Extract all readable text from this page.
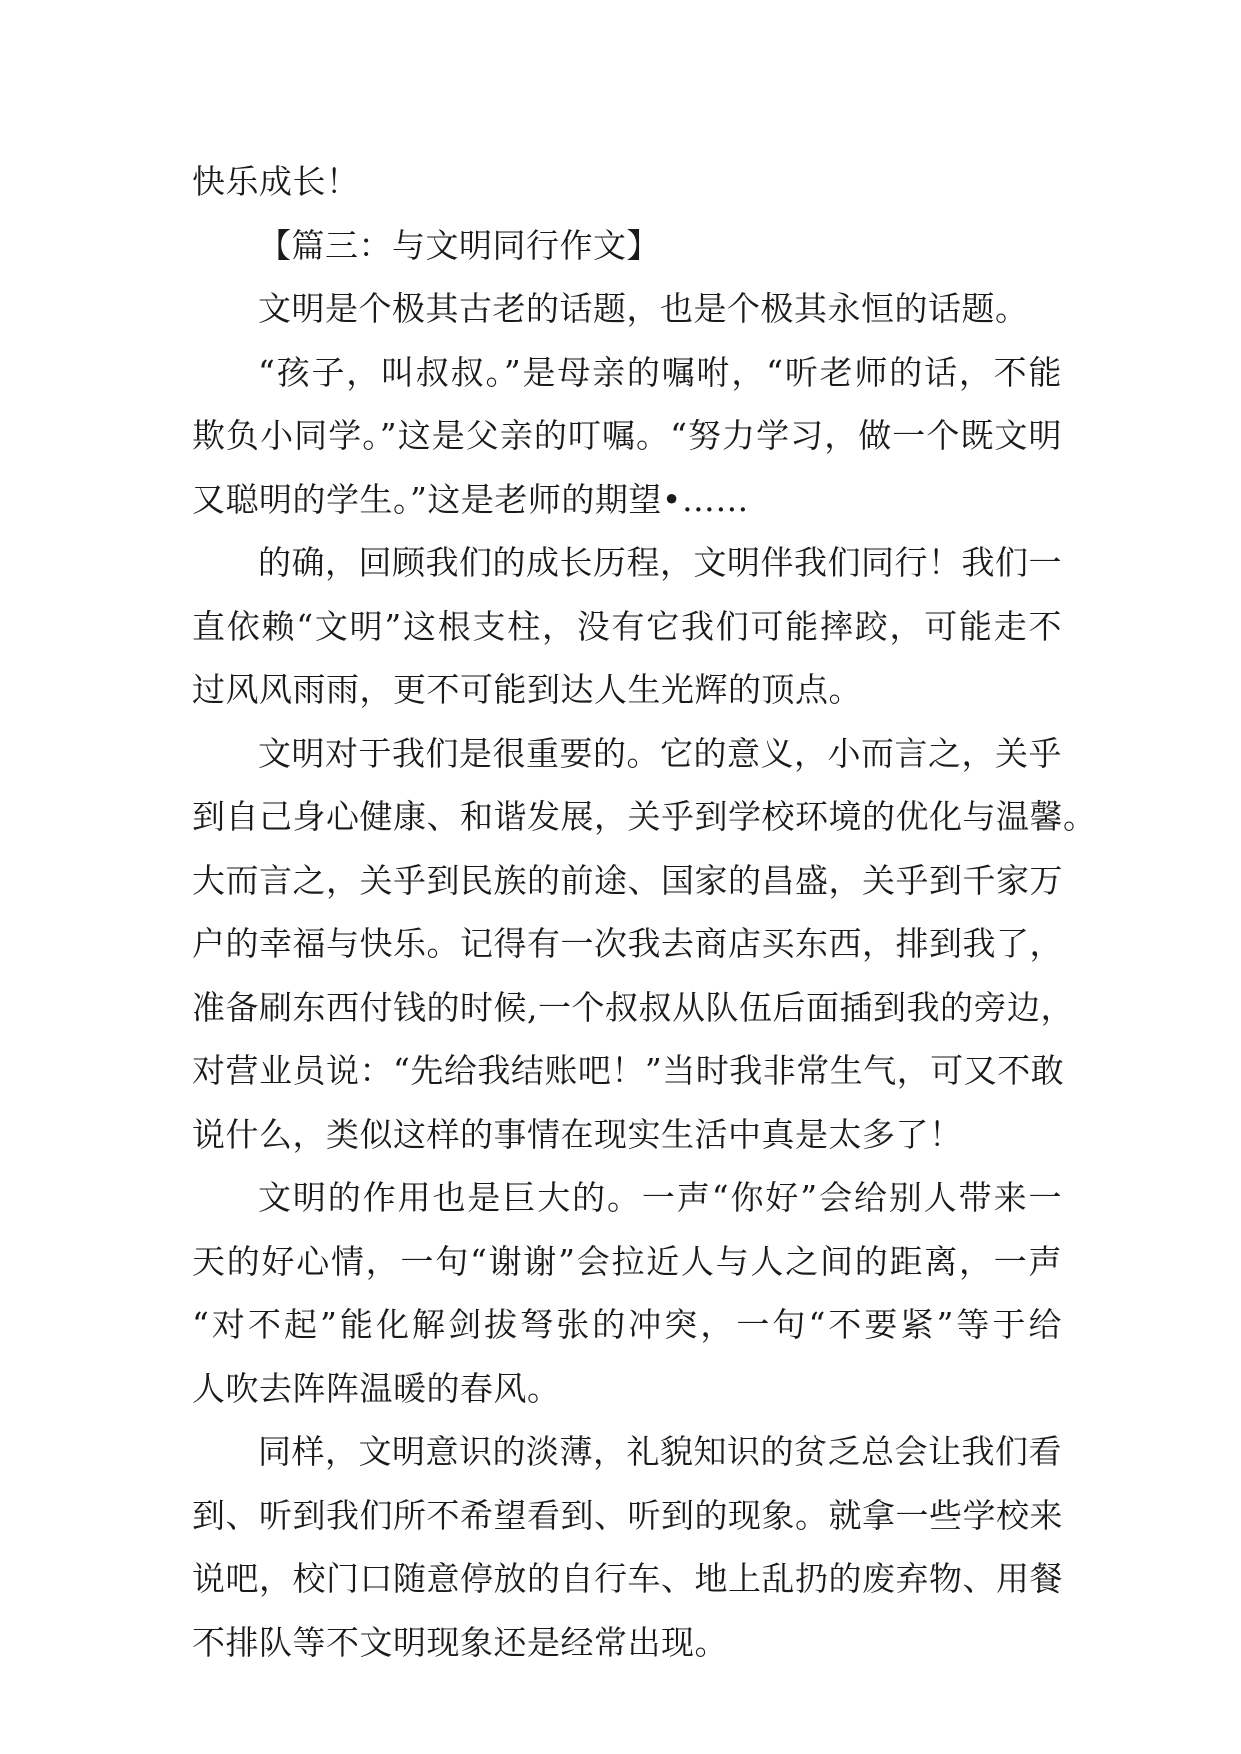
快乐成长！

【篇三：与文明同行作文】

文明是个极其古老的话题，也是个极其永恒的话题。

“孩子，叫叔叔。”是母亲的嘱咐，“听老师的话，不能
欺负小同学。”这是父亲的叮嘱。“努力学习，做一个既文明
又聪明的学生。”这是老师的期望•……

的确，回顾我们的成长历程，文明伴我们同行！我们一
直依赖“文明”这根支柱，没有它我们可能摔跤，可能走不
过风风雨雨，更不可能到达人生光辉的顶点。

文明对于我们是很重要的。它的意义，小而言之，关乎
到自己身心健康、和谐发展，关乎到学校环境的优化与温馨。
大而言之，关乎到民族的前途、国家的昌盛，关乎到千家万
户的幸福与快乐。记得有一次我去商店买东西，排到我了，
准备刷东西付钱的时候,一个叔叔从队伍后面插到我的旁边，
对营业员说：“先给我结账吧！”当时我非常生气，可又不敢
说什么，类似这样的事情在现实生活中真是太多了！

文明的作用也是巨大的。一声“你好”会给别人带来一
天的好心情，一句“谢谢”会拉近人与人之间的距离，一声
“对不起”能化解剑拔弩张的冲突，一句“不要紧”等于给
人吹去阵阵温暖的春风。

同样，文明意识的淡薄，礼貌知识的贫乏总会让我们看
到、听到我们所不希望看到、听到的现象。就拿一些学校来
说吧，校门口随意停放的自行车、地上乱扔的废弃物、用餐
不排队等不文明现象还是经常出现。
